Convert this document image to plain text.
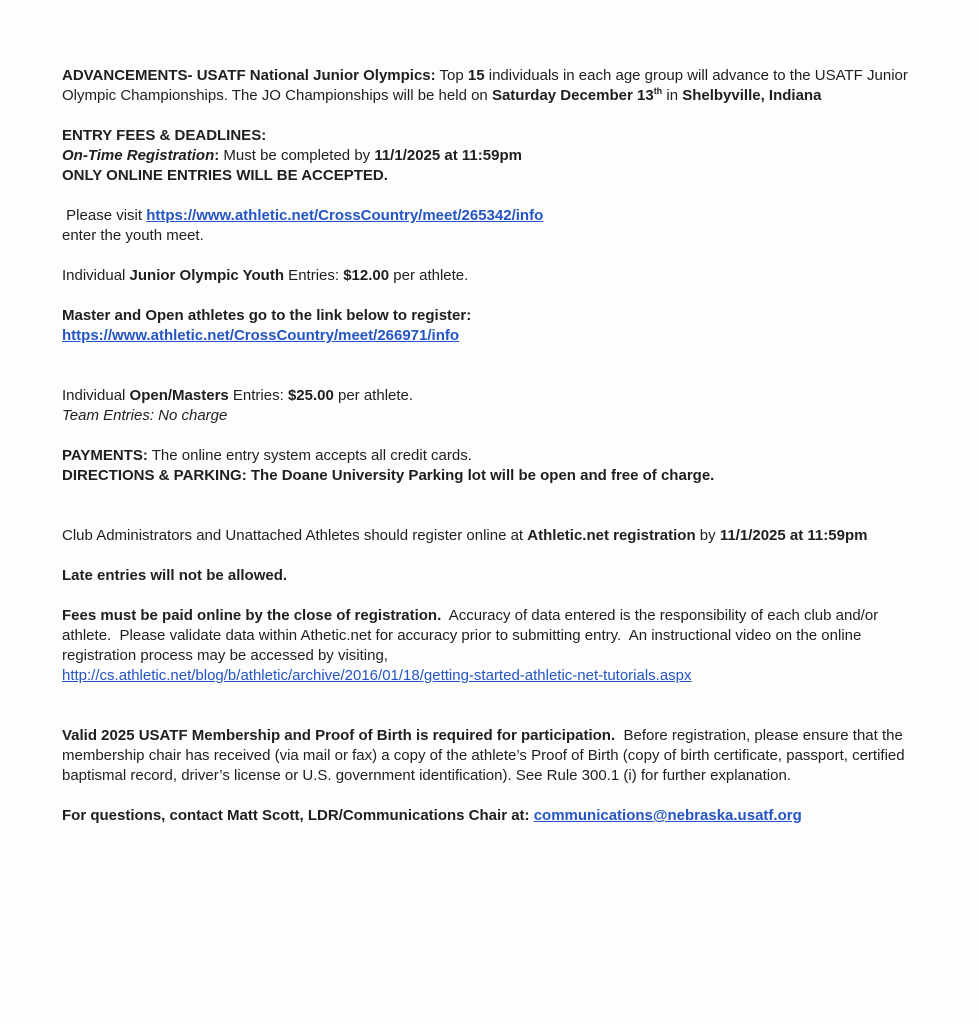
ADVANCEMENTS- USATF National Junior Olympics: Top 15 individuals in each age group will advance to the USATF Junior Olympic Championships. The JO Championships will be held on Saturday December 13th in Shelbyville, Indiana

ENTRY FEES & DEADLINES:

On-Time Registration: Must be completed by 11/1/2025 at 11:59pm

ONLY ONLINE ENTRIES WILL BE ACCEPTED.

Please visit https://www.athletic.net/CrossCountry/meet/265342/info

enter the youth meet.

Individual Junior Olympic Youth Entries: $12.00 per athlete.

Master and Open athletes go to the link below to register:

https://www.athletic.net/CrossCountry/meet/266971/info

Individual Open/Masters Entries: $25.00 per athlete.

Team Entries: No charge

PAYMENTS: The online entry system accepts all credit cards.

DIRECTIONS & PARKING: The Doane University Parking lot will be open and free of charge.

Club Administrators and Unattached Athletes should register online at Athletic.net registration by 11/1/2025 at 11:59pm

Late entries will not be allowed.

Fees must be paid online by the close of registration.  Accuracy of data entered is the responsibility of each club and/or athlete.  Please validate data within Athetic.net for accuracy prior to submitting entry.  An instructional video on the online registration process may be accessed by visiting,

http://cs.athletic.net/blog/b/athletic/archive/2016/01/18/getting-started-athletic-net-tutorials.aspx

Valid 2025 USATF Membership and Proof of Birth is required for participation.  Before registration, please ensure that the membership chair has received (via mail or fax) a copy of the athlete’s Proof of Birth (copy of birth certificate, passport, certified baptismal record, driver’s license or U.S. government identification). See Rule 300.1 (i) for further explanation.

For questions, contact Matt Scott, LDR/Communications Chair at: communications@nebraska.usatf.org
